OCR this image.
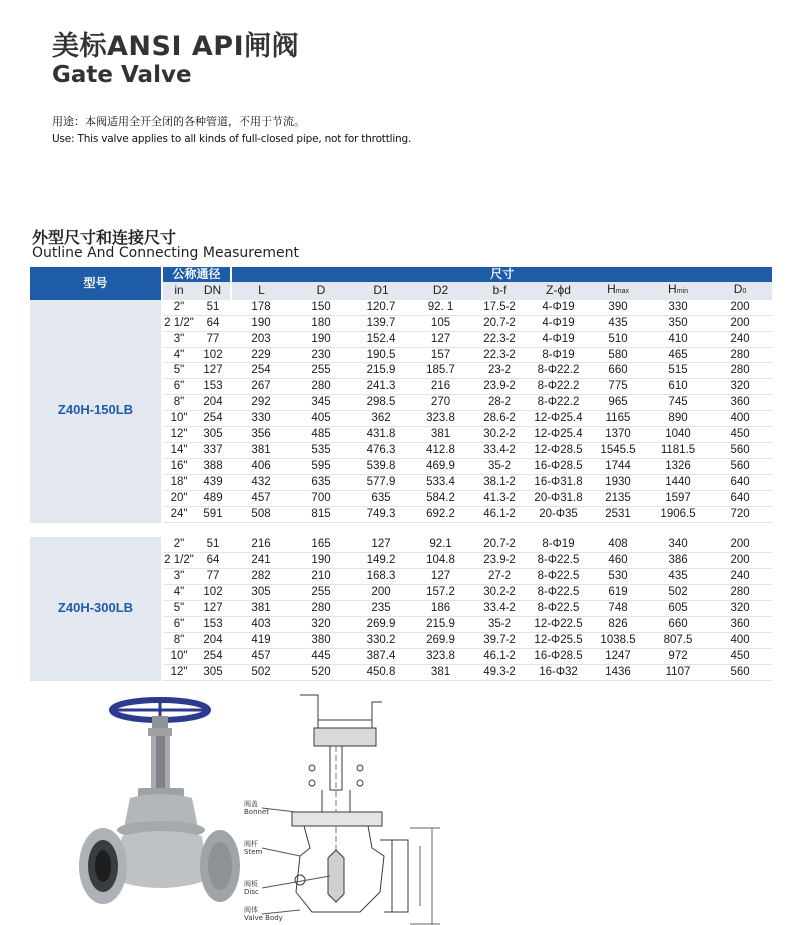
美标ANSI API闸阀
Gate Valve
用途：本阀适用全开全闭的各种管道，不用于节流。
Use: This valve applies to all kinds of full-closed pipe, not for throttling.
外型尺寸和连接尺寸
Outline And Connecting Measurement
型号	公称通径		尺寸								
	in	DN	L	D	D1	D2	b-f	Z-ϕd	Hmax	Hmin	D0
Z40H-150LB	2"	51	178	150	120.7	92. 1	17.5-2	4-Φ19	390	330	200
	2 1/2"	64	190	180	139.7	105	20.7-2	4-Φ19	435	350	200
	3"	77	203	190	152.4	127	22.3-2	4-Φ19	510	410	240
	4"	102	229	230	190.5	157	22.3-2	8-Φ19	580	465	280
	5"	127	254	255	215.9	185.7	23-2	8-Φ22.2	660	515	280
	6"	153	267	280	241.3	216	23.9-2	8-Φ22.2	775	610	320
	8"	204	292	345	298.5	270	28-2	8-Φ22.2	965	745	360
	10"	254	330	405	362	323.8	28.6-2	12-Φ25.4	1165	890	400
	12"	305	356	485	431.8	381	30.2-2	12-Φ25.4	1370	1040	450
	14"	337	381	535	476.3	412.8	33.4-2	12-Φ28.5	1545.5	1181.5	560
	16"	388	406	595	539.8	469.9	35-2	16-Φ28.5	1744	1326	560
	18"	439	432	635	577.9	533.4	38.1-2	16-Φ31.8	1930	1440	640
	20"	489	457	700	635	584.2	41.3-2	20-Φ31.8	2135	1597	640
	24"	591	508	815	749.3	692.2	46.1-2	20-Φ35	2531	1906.5	720

Z40H-300LB	2"	51	216	165	127	92.1	20.7-2	8-Φ19	408	340	200
	2 1/2"	64	241	190	149.2	104.8	23.9-2	8-Φ22.5	460	386	200
	3"	77	282	210	168.3	127	27-2	8-Φ22.5	530	435	240
	4"	102	305	255	200	157.2	30.2-2	8-Φ22.5	619	502	280
	5"	127	381	280	235	186	33.4-2	8-Φ22.5	748	605	320
	6"	153	403	320	269.9	215.9	35-2	12-Φ22.5	826	660	360
	8"	204	419	380	330.2	269.9	39.7-2	12-Φ25.5	1038.5	807.5	400
	10"	254	457	445	387.4	323.8	46.1-2	16-Φ28.5	1247	972	450
	12"	305	502	520	450.8	381	49.3-2	16-Φ32	1436	1107	560
阀盖
Bonnet
阀杆
Stem
阀板
Disc
阀体
Valve Body
